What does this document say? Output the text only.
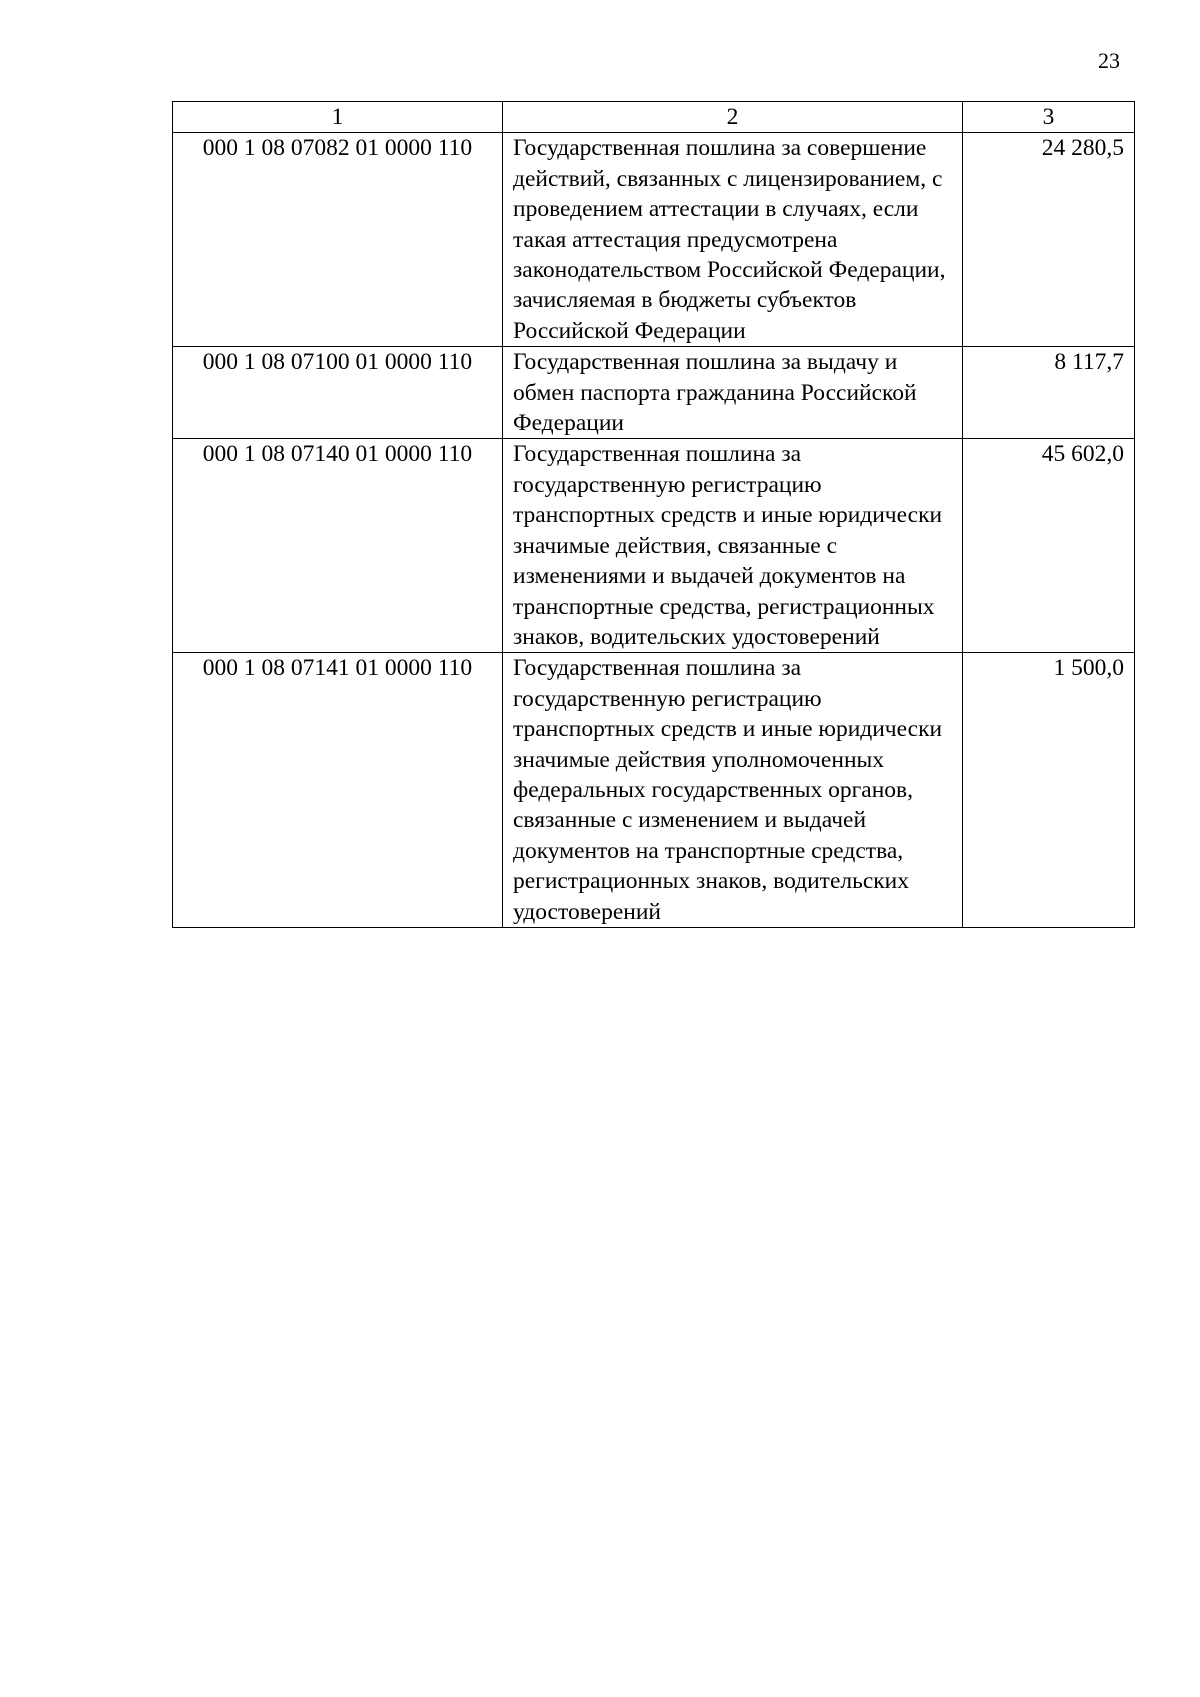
23
1	2	3
000 1 08 07082 01 0000 110	Государственная пошлина за совершение действий, связанных с лицензированием, с проведением аттестации в случаях, если такая аттестация предусмотрена законодательством Российской Федерации, зачисляемая в бюджеты субъектов Российской Федерации	24 280,5
000 1 08 07100 01 0000 110	Государственная пошлина за выдачу и обмен паспорта гражданина Российской Федерации	8 117,7
000 1 08 07140 01 0000 110	Государственная пошлина за государственную регистрацию транспортных средств и иные юридически значимые действия, связанные с изменениями и выдачей документов на транспортные средства, регистрационных знаков, водительских удостоверений	45 602,0
000 1 08 07141 01 0000 110	Государственная пошлина за государственную регистрацию транспортных средств и иные юридически значимые действия уполномоченных федеральных государственных органов, связанные с изменением и выдачей документов на транспортные средства, регистрационных знаков, водительских удостоверений	1 500,0
